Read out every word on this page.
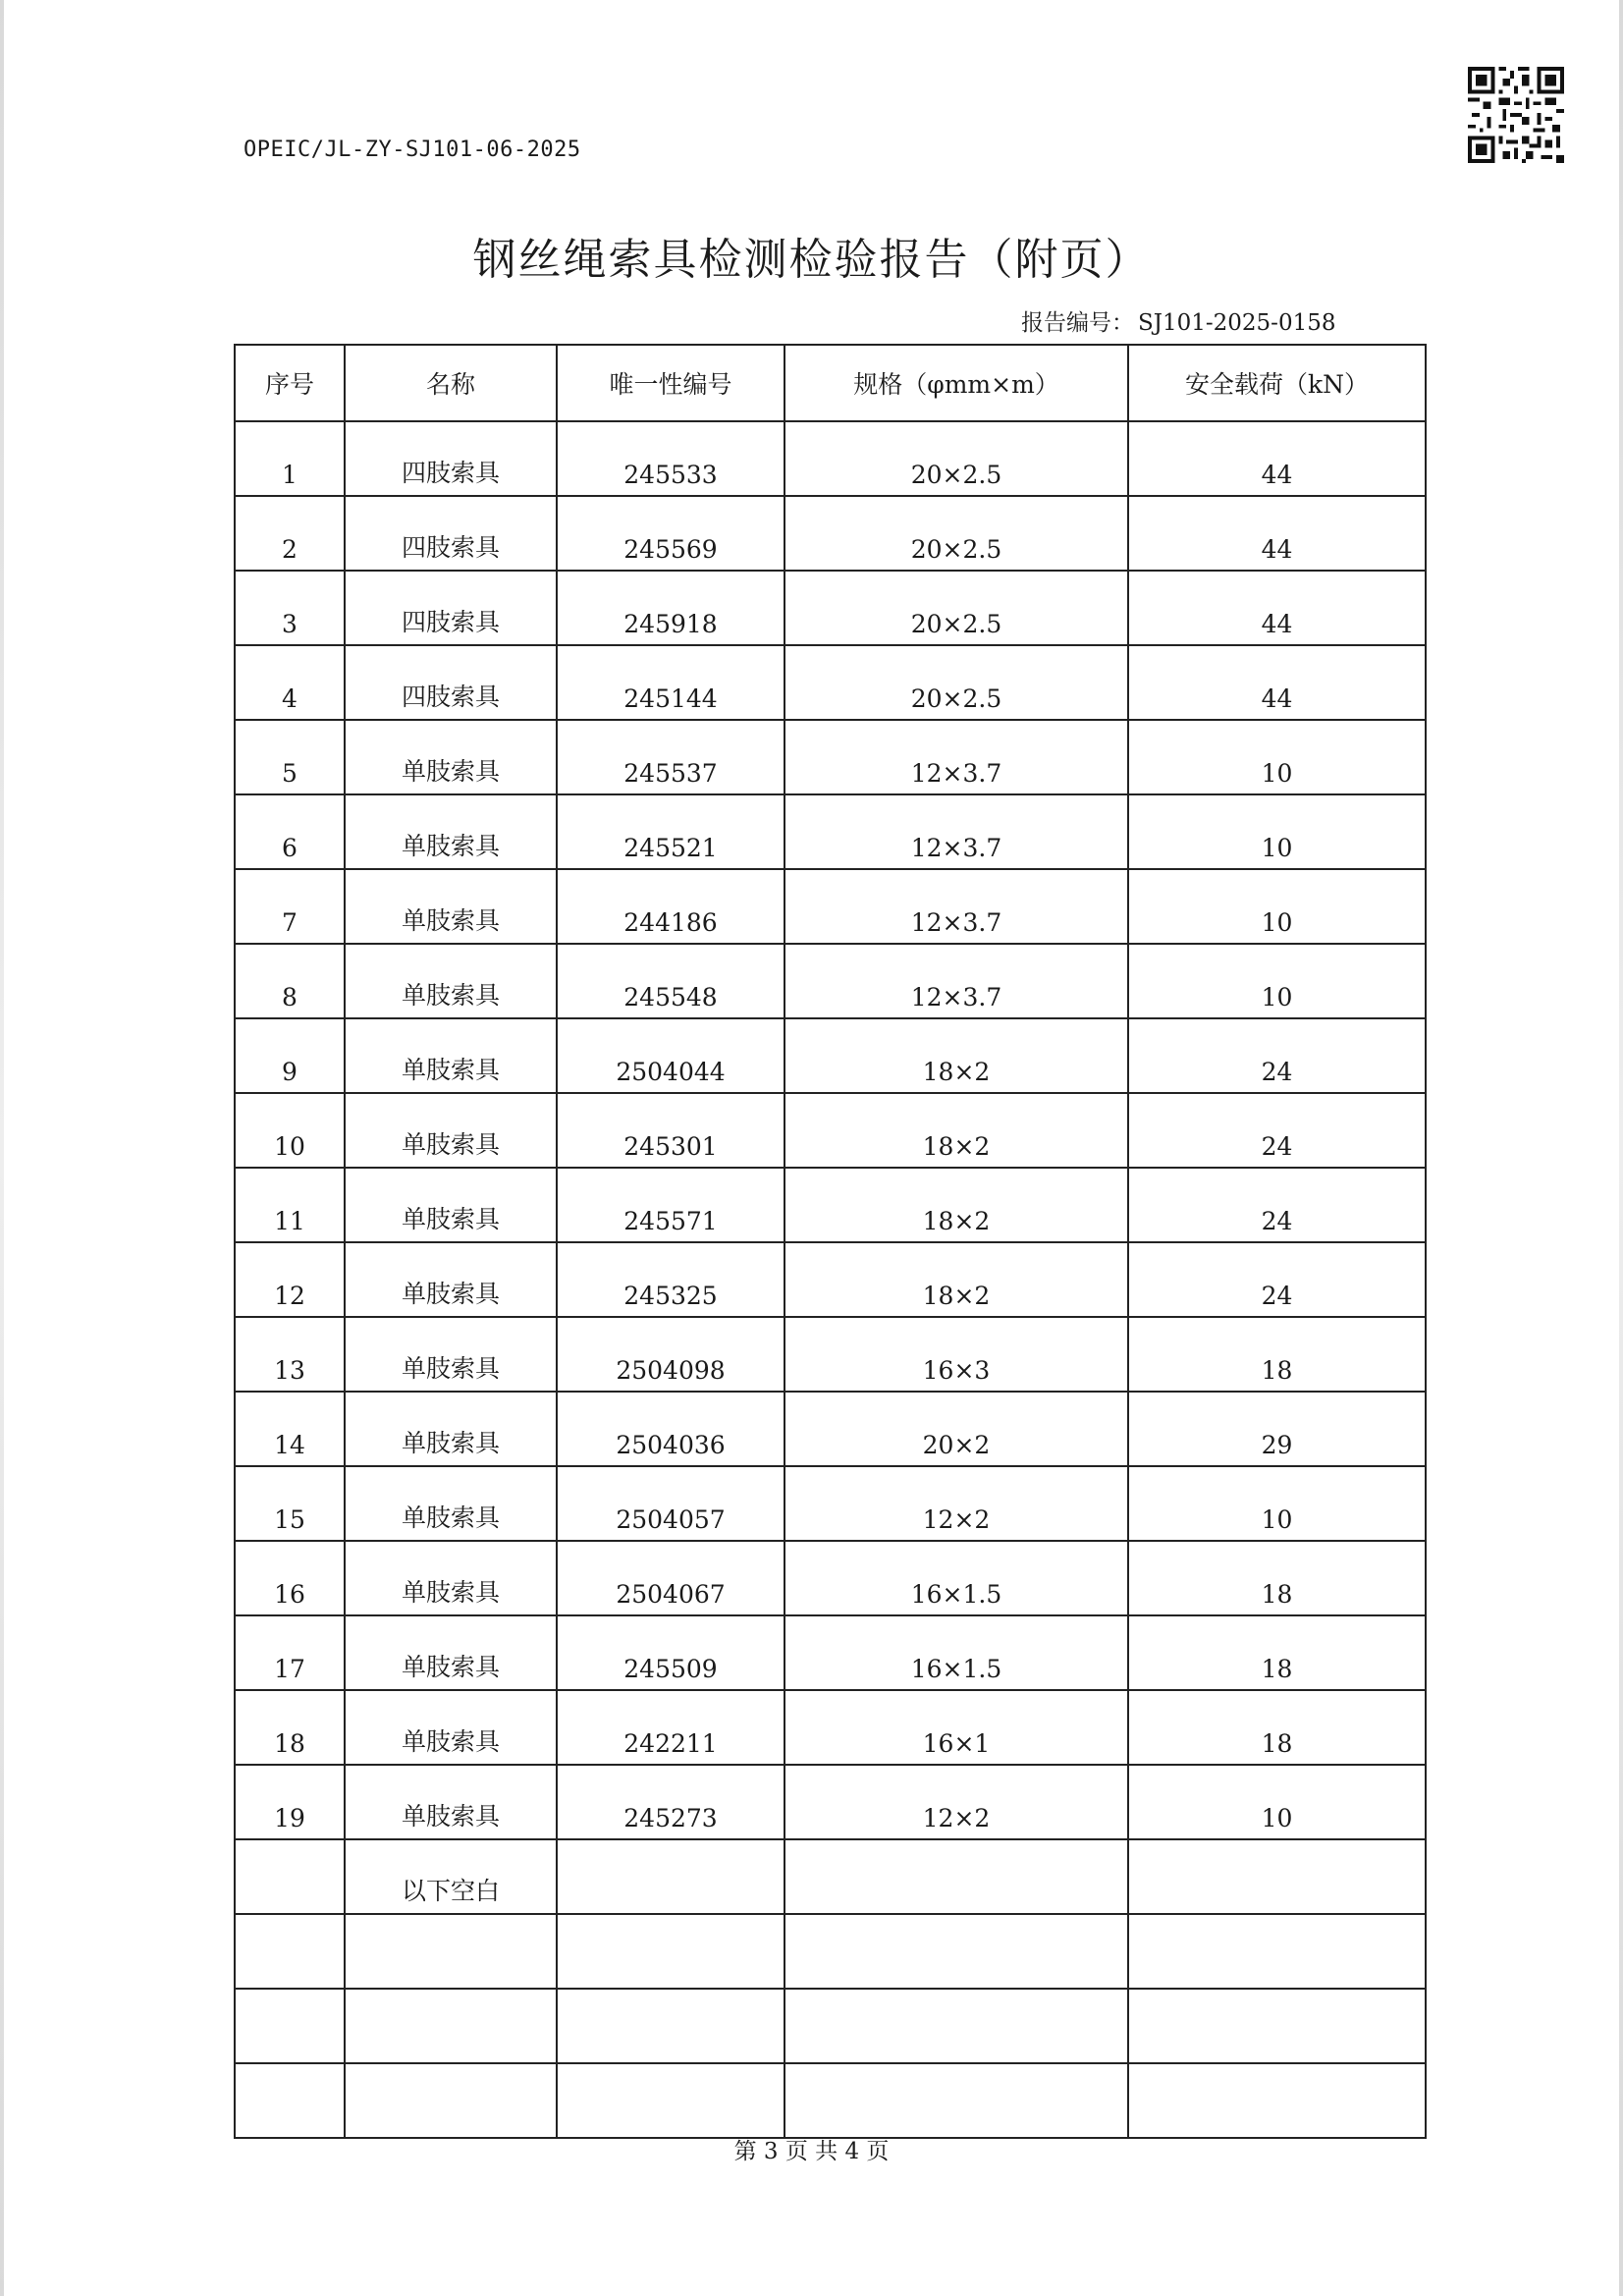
OPEIC/JL-ZY-SJ101-06-2025
钢丝绳索具检测检验报告（附页）
报告编号： SJ101-2025-0158
序号	名称	唯一性编号	规格（φmm×m）	安全载荷（kN）
1	四肢索具	245533	20×2.5	44
2	四肢索具	245569	20×2.5	44
3	四肢索具	245918	20×2.5	44
4	四肢索具	245144	20×2.5	44
5	单肢索具	245537	12×3.7	10
6	单肢索具	245521	12×3.7	10
7	单肢索具	244186	12×3.7	10
8	单肢索具	245548	12×3.7	10
9	单肢索具	2504044	18×2	24
10	单肢索具	245301	18×2	24
11	单肢索具	245571	18×2	24
12	单肢索具	245325	18×2	24
13	单肢索具	2504098	16×3	18
14	单肢索具	2504036	20×2	29
15	单肢索具	2504057	12×2	10
16	单肢索具	2504067	16×1.5	18
17	单肢索具	245509	16×1.5	18
18	单肢索具	242211	16×1	18
19	单肢索具	245273	12×2	10
	以下空白			

第 3 页 共 4 页
